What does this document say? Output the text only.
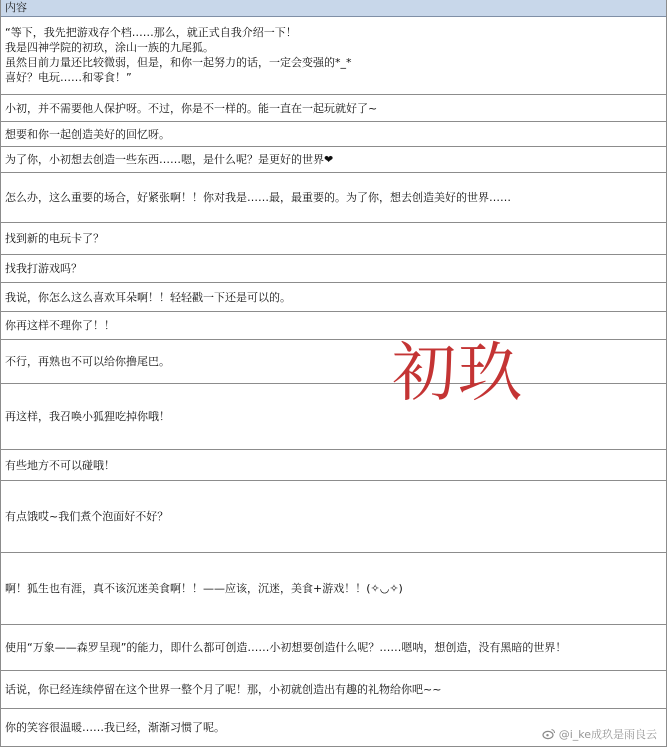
内容
“等下，我先把游戏存个档……那么，就正式自我介绍一下！
我是四神学院的初玖，涂山一族的九尾狐。
虽然目前力量还比较微弱，但是，和你一起努力的话，一定会变强的*_*
喜好？电玩……和零食！”
小初，并不需要他人保护呀。不过，你是不一样的。能一直在一起玩就好了~
想要和你一起创造美好的回忆呀。
为了你，小初想去创造一些东西……嗯，是什么呢？是更好的世界❤
怎么办，这么重要的场合，好紧张啊！！你对我是……最，最重要的。为了你，想去创造美好的世界……
找到新的电玩卡了？
找我打游戏吗？
我说，你怎么这么喜欢耳朵啊！！轻轻戳一下还是可以的。
你再这样不理你了！！
不行，再熟也不可以给你撸尾巴。
再这样，我召唤小狐狸吃掉你哦！
有些地方不可以碰哦！
有点饿哎~我们煮个泡面好不好？
啊！狐生也有涯，真不该沉迷美食啊！！——应该，沉迷，美食+游戏！！(✧◡✧)
使用“万象——森罗呈现”的能力，即什么都可创造……小初想要创造什么呢？……嗯呐，想创造，没有黑暗的世界！
话说，你已经连续停留在这个世界一整个月了呢！那，小初就创造出有趣的礼物给你吧~~
你的笑容很温暖……我已经，渐渐习惯了呢。
初玖
@i_ke成玖是雨良云
